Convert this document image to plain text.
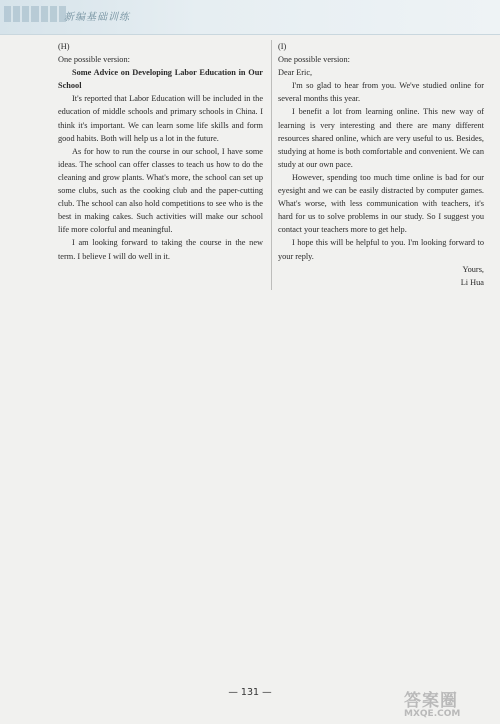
新编基础训练

(H)

One possible version:

Some Advice on Developing Labor Education in Our School

It's reported that Labor Education will be included in the education of middle schools and primary schools in China. I think it's important. We can learn some life skills and form good habits. Both will help us a lot in the future.

As for how to run the course in our school, I have some ideas. The school can offer classes to teach us how to do the cleaning and grow plants. What's more, the school can set up some clubs, such as the cooking club and the paper-cutting club. The school can also hold competitions to see who is the best in making cakes. Such activities will make our school life more colorful and meaningful.

I am looking forward to taking the course in the new term. I believe I will do well in it.

(I)

One possible version:

Dear Eric,

I'm so glad to hear from you. We've studied online for several months this year.

I benefit a lot from learning online. This new way of learning is very interesting and there are many different resources shared online, which are very useful to us. Besides, studying at home is both comfortable and convenient. We can study at our own pace.

However, spending too much time online is bad for our eyesight and we can be easily distracted by computer games. What's worse, with less communication with teachers, it's hard for us to solve problems in our study. So I suggest you contact your teachers more to get help.

I hope this will be helpful to you. I'm looking forward to your reply.

Yours,

Li Hua

— 131 —	答案圈
MXQE.COM
